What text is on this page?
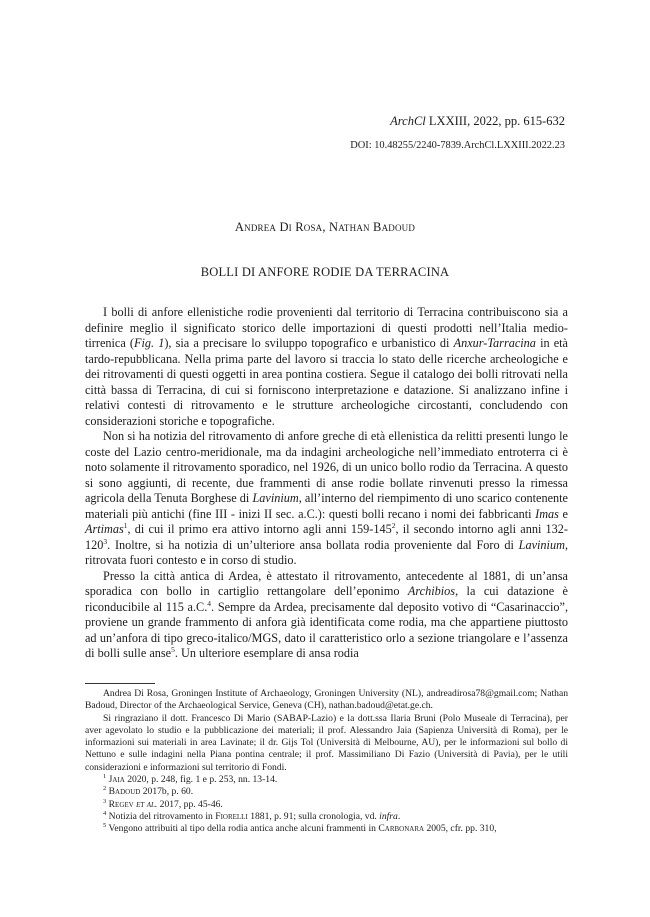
ArchCl LXXIII, 2022, pp. 615-632
DOI: 10.48255/2240-7839.ArchCl.LXXIII.2022.23
Andrea Di Rosa, Nathan Badoud
BOLLI DI ANFORE RODIE DA TERRACINA

I bolli di anfore ellenistiche rodie provenienti dal territorio di Terracina contribuiscono sia a definire meglio il significato storico delle importazioni di questi prodotti nell’Italia medio-tirrenica (Fig. 1), sia a precisare lo sviluppo topografico e urbanistico di Anxur-Tarracina in età tardo-repubblicana. Nella prima parte del lavoro si traccia lo stato delle ricerche archeologiche e dei ritrovamenti di questi oggetti in area pontina costiera. Segue il catalogo dei bolli ritrovati nella città bassa di Terracina, di cui si forniscono interpretazione e datazione. Si analizzano infine i relativi contesti di ritrovamento e le strutture archeologiche circostanti, concludendo con considerazioni storiche e topografiche.

Non si ha notizia del ritrovamento di anfore greche di età ellenistica da relitti presenti lungo le coste del Lazio centro-meridionale, ma da indagini archeologiche nell’immediato entroterra ci è noto solamente il ritrovamento sporadico, nel 1926, di un unico bollo rodio da Terracina. A questo si sono aggiunti, di recente, due frammenti di anse rodie bollate rinvenuti presso la rimessa agricola della Tenuta Borghese di Lavinium, all’interno del riempimento di uno scarico contenente materiali più antichi (fine III - inizi II sec. a.C.): questi bolli recano i nomi dei fabbricanti Imas e Artimas$^1$, di cui il primo era attivo intorno agli anni $159-145^2$, il secondo intorno agli anni $132-120^3$. Inoltre, si ha notizia di un’ulteriore ansa bollata rodia proveniente dal Foro di Lavinium, ritrovata fuori contesto e in corso di studio.

Presso la città antica di Ardea, è attestato il ritrovamento, antecedente al 1881, di un’ansa sporadica con bollo in cartiglio rettangolare dell’eponimo Archibios, la cui datazione è riconducibile al 115 a.C.$^4$. Sempre da Ardea, precisamente dal deposito votivo di “Casarinaccio”, proviene un grande frammento di anfora già identificata come rodia, ma che appartiene piuttosto ad un’anfora di tipo greco-italico/MGS, dato il caratteristico orlo a sezione triangolare e l’assenza di bolli sulle anse$^5$. Un ulteriore esemplare di ansa rodia

Andrea Di Rosa, Groningen Institute of Archaeology, Groningen University (NL), andreadirosa78@gmail.com; Nathan Badoud, Director of the Archaeological Service, Geneva (CH), nathan.badoud@etat.ge.ch.

Si ringraziano il dott. Francesco Di Mario (SABAP-Lazio) e la dott.ssa Ilaria Bruni (Polo Museale di Terracina), per aver agevolato lo studio e la pubblicazione dei materiali; il prof. Alessandro Jaia (Sapienza Università di Roma), per le informazioni sui materiali in area Lavinate; il dr. Gijs Tol (Università di Melbourne, AU), per le informazioni sul bollo di Nettuno e sulle indagini nella Piana pontina centrale; il prof. Massimiliano Di Fazio (Università di Pavia), per le utili considerazioni e informazioni sul territorio di Fondi.

$^1$ Jaia 2020, p. 248, fig. 1 e p. 253, nn. 13-14.

$^2$ Badoud 2017b, p. 60.

$^3$ Regev et al. 2017, pp. 45-46.

$^4$ Notizia del ritrovamento in Fiorelli 1881, p. 91; sulla cronologia, vd. infra.

$^5$ Vengono attribuiti al tipo della rodia antica anche alcuni frammenti in Carbonara 2005, cfr. pp. 310,
